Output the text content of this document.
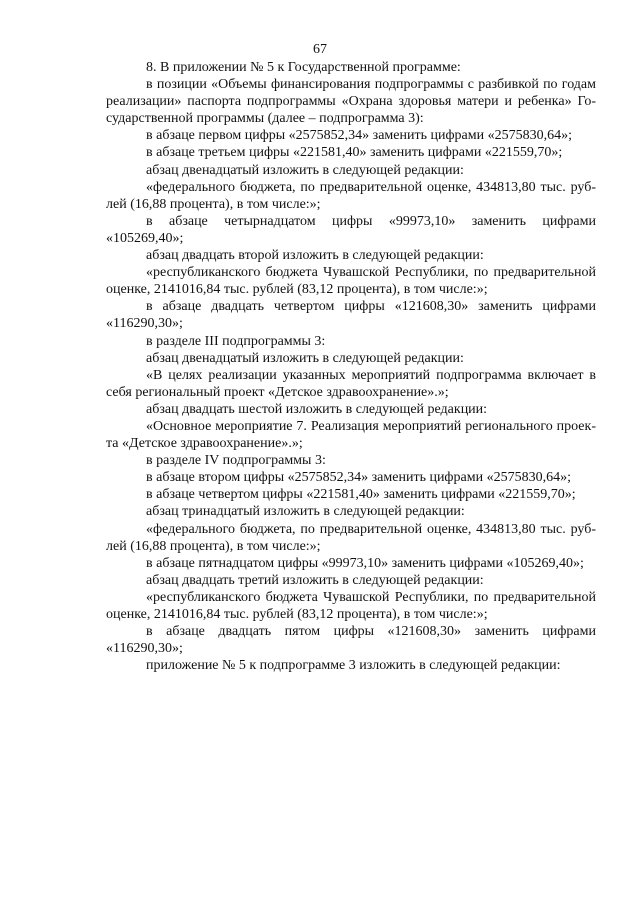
67

8. В приложении № 5 к Государственной программе:

в позиции «Объемы финансирования подпрограммы с разбивкой по годам реализации» паспорта подпрограммы «Охрана здоровья матери и ребенка» Государственной программы (далее – подпрограмма 3):

в абзаце первом цифры «2575852,34» заменить цифрами «2575830,64»;

в абзаце третьем цифры «221581,40» заменить цифрами «221559,70»;

абзац двенадцатый изложить в следующей редакции:

«федерального бюджета, по предварительной оценке, 434813,80 тыс. рублей (16,88 процента), в том числе:»;

в абзаце четырнадцатом цифры «99973,10» заменить цифрами «105269,40»;

абзац двадцать второй изложить в следующей редакции:

«республиканского бюджета Чувашской Республики, по предварительной оценке, 2141016,84 тыс. рублей (83,12 процента), в том числе:»;

в абзаце двадцать четвертом цифры «121608,30» заменить цифрами «116290,30»;

в разделе III подпрограммы 3:

абзац двенадцатый изложить в следующей редакции:

«В целях реализации указанных мероприятий подпрограмма включает в себя региональный проект «Детское здравоохранение».»;

абзац двадцать шестой изложить в следующей редакции:

«Основное мероприятие 7. Реализация мероприятий регионального проекта «Детское здравоохранение».»;

в разделе IV подпрограммы 3:

в абзаце втором цифры «2575852,34» заменить цифрами «2575830,64»;

в абзаце четвертом цифры «221581,40» заменить цифрами «221559,70»;

абзац тринадцатый изложить в следующей редакции:

«федерального бюджета, по предварительной оценке, 434813,80 тыс. рублей (16,88 процента), в том числе:»;

в абзаце пятнадцатом цифры «99973,10» заменить цифрами «105269,40»;

абзац двадцать третий изложить в следующей редакции:

«республиканского бюджета Чувашской Республики, по предварительной оценке, 2141016,84 тыс. рублей (83,12 процента), в том числе:»;

в абзаце двадцать пятом цифры «121608,30» заменить цифрами «116290,30»;

приложение № 5 к подпрограмме 3 изложить в следующей редакции:
